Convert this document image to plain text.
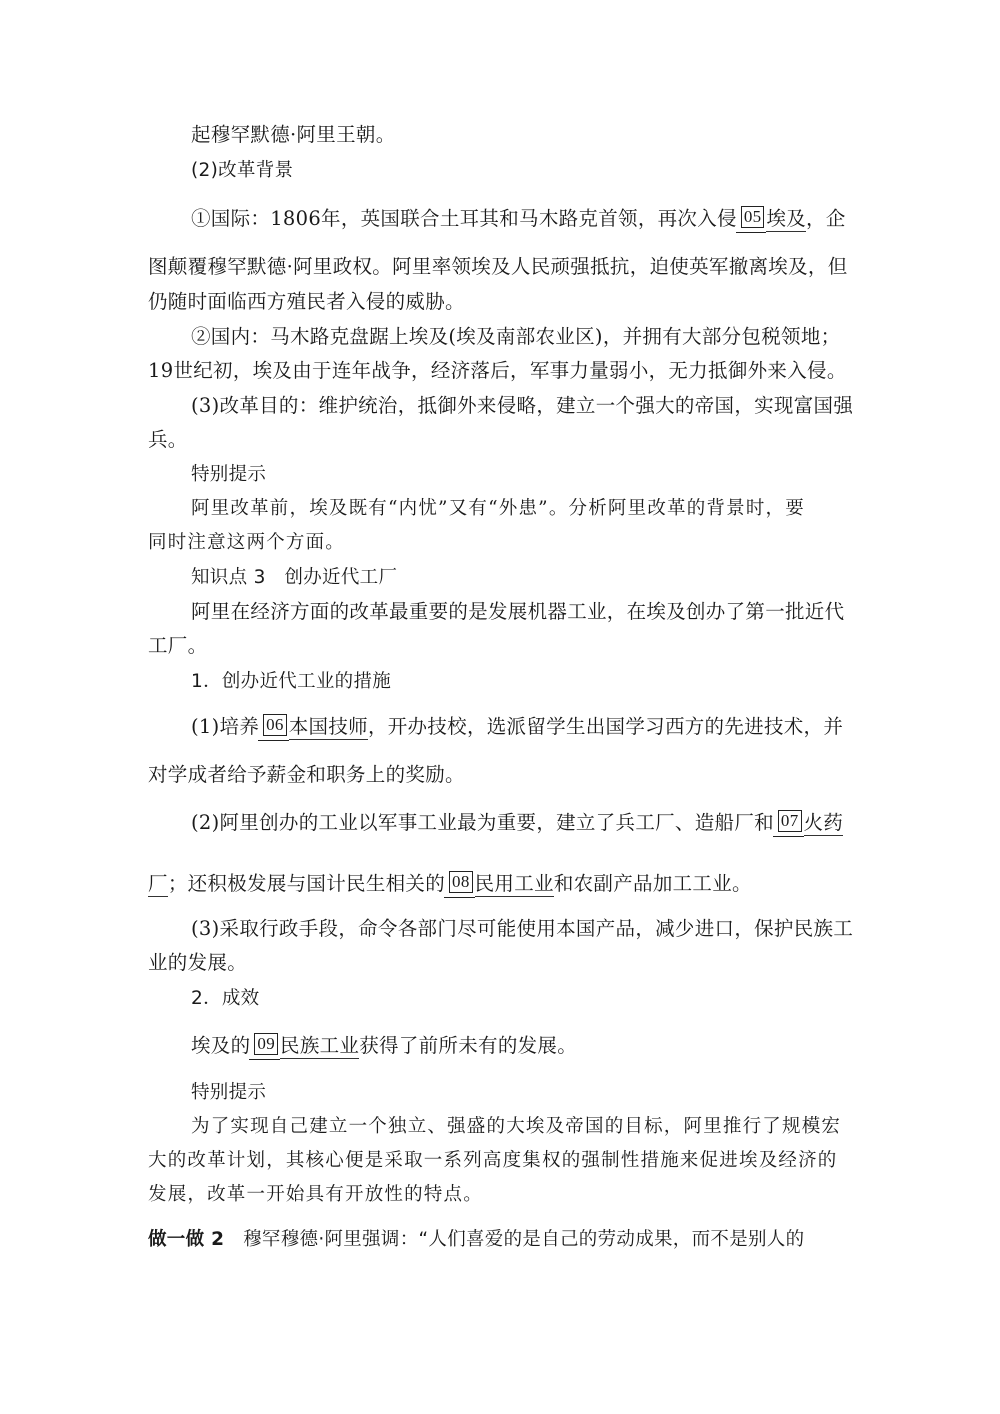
起穆罕默德·阿里王朝。
(2)改革背景
①国际：1806年，英国联合土耳其和马木路克首领，再次入侵 05 埃及，企
图颠覆穆罕默德·阿里政权。阿里率领埃及人民顽强抵抗，迫使英军撤离埃及，但
仍随时面临西方殖民者入侵的威胁。
②国内：马木路克盘踞上埃及(埃及南部农业区)，并拥有大部分包税领地；
19世纪初，埃及由于连年战争，经济落后，军事力量弱小，无力抵御外来入侵。
(3)改革目的：维护统治，抵御外来侵略，建立一个强大的帝国，实现富国强
兵。
特别提示
阿里改革前，埃及既有“内忧”又有“外患”。分析阿里改革的背景时，要
同时注意这两个方面。
知识点 3　创办近代工厂
阿里在经济方面的改革最重要的是发展机器工业，在埃及创办了第一批近代
工厂。
1．创办近代工业的措施
(1)培养 06 本国技师，开办技校，选派留学生出国学习西方的先进技术，并
对学成者给予薪金和职务上的奖励。
(2)阿里创办的工业以军事工业最为重要，建立了兵工厂、造船厂和 07 火药
厂；还积极发展与国计民生相关的 08 民用工业和农副产品加工工业。
(3)采取行政手段，命令各部门尽可能使用本国产品，减少进口，保护民族工
业的发展。
2．成效
埃及的 09 民族工业获得了前所未有的发展。
特别提示
为了实现自己建立一个独立、强盛的大埃及帝国的目标，阿里推行了规模宏
大的改革计划，其核心便是采取一系列高度集权的强制性措施来促进埃及经济的
发展，改革一开始具有开放性的特点。
做一做 2　穆罕穆德·阿里强调：“人们喜爱的是自己的劳动成果，而不是别人的
